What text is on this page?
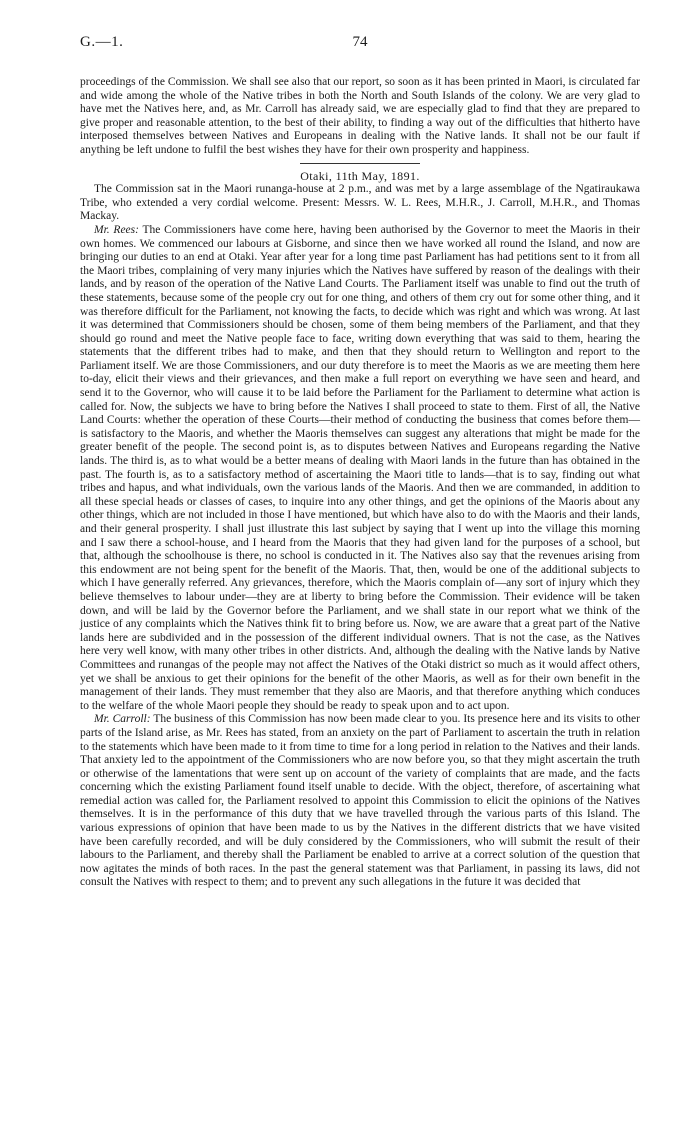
G.—1.	74

proceedings of the Commission. We shall see also that our report, so soon as it has been printed in Maori, is circulated far and wide among the whole of the Native tribes in both the North and South Islands of the colony. We are very glad to have met the Natives here, and, as Mr. Carroll has already said, we are especially glad to find that they are prepared to give proper and reasonable attention, to the best of their ability, to finding a way out of the difficulties that hitherto have interposed themselves between Natives and Europeans in dealing with the Native lands. It shall not be our fault if anything be left undone to fulfil the best wishes they have for their own prosperity and happiness.

Otaki, 11th May, 1891.

The Commission sat in the Maori runanga-house at 2 p.m., and was met by a large assemblage of the Ngatiraukawa Tribe, who extended a very cordial welcome. Present: Messrs. W. L. Rees, M.H.R., J. Carroll, M.H.R., and Thomas Mackay.

Mr. Rees: The Commissioners have come here, having been authorised by the Governor to meet the Maoris in their own homes. We commenced our labours at Gisborne, and since then we have worked all round the Island, and now are bringing our duties to an end at Otaki. Year after year for a long time past Parliament has had petitions sent to it from all the Maori tribes, complaining of very many injuries which the Natives have suffered by reason of the dealings with their lands, and by reason of the operation of the Native Land Courts. The Parliament itself was unable to find out the truth of these statements, because some of the people cry out for one thing, and others of them cry out for some other thing, and it was therefore difficult for the Parliament, not knowing the facts, to decide which was right and which was wrong. At last it was determined that Commissioners should be chosen, some of them being members of the Parliament, and that they should go round and meet the Native people face to face, writing down everything that was said to them, hearing the statements that the different tribes had to make, and then that they should return to Wellington and report to the Parliament itself. We are those Commissioners, and our duty therefore is to meet the Maoris as we are meeting them here to-day, elicit their views and their grievances, and then make a full report on everything we have seen and heard, and send it to the Governor, who will cause it to be laid before the Parliament for the Parliament to determine what action is called for. Now, the subjects we have to bring before the Natives I shall proceed to state to them. First of all, the Native Land Courts: whether the operation of these Courts—their method of conducting the business that comes before them—is satisfactory to the Maoris, and whether the Maoris themselves can suggest any alterations that might be made for the greater benefit of the people. The second point is, as to disputes between Natives and Europeans regarding the Native lands. The third is, as to what would be a better means of dealing with Maori lands in the future than has obtained in the past. The fourth is, as to a satisfactory method of ascertaining the Maori title to lands—that is to say, finding out what tribes and hapus, and what individuals, own the various lands of the Maoris. And then we are commanded, in addition to all these special heads or classes of cases, to inquire into any other things, and get the opinions of the Maoris about any other things, which are not included in those I have mentioned, but which have also to do with the Maoris and their lands, and their general prosperity. I shall just illustrate this last subject by saying that I went up into the village this morning and I saw there a school-house, and I heard from the Maoris that they had given land for the purposes of a school, but that, although the schoolhouse is there, no school is conducted in it. The Natives also say that the revenues arising from this endowment are not being spent for the benefit of the Maoris. That, then, would be one of the additional subjects to which I have generally referred. Any grievances, therefore, which the Maoris complain of—any sort of injury which they believe themselves to labour under—they are at liberty to bring before the Commission. Their evidence will be taken down, and will be laid by the Governor before the Parliament, and we shall state in our report what we think of the justice of any complaints which the Natives think fit to bring before us. Now, we are aware that a great part of the Native lands here are subdivided and in the possession of the different individual owners. That is not the case, as the Natives here very well know, with many other tribes in other districts. And, although the dealing with the Native lands by Native Committees and runangas of the people may not affect the Natives of the Otaki district so much as it would affect others, yet we shall be anxious to get their opinions for the benefit of the other Maoris, as well as for their own benefit in the management of their lands. They must remember that they also are Maoris, and that therefore anything which conduces to the welfare of the whole Maori people they should be ready to speak upon and to act upon.

Mr. Carroll: The business of this Commission has now been made clear to you. Its presence here and its visits to other parts of the Island arise, as Mr. Rees has stated, from an anxiety on the part of Parliament to ascertain the truth in relation to the statements which have been made to it from time to time for a long period in relation to the Natives and their lands. That anxiety led to the appointment of the Commissioners who are now before you, so that they might ascertain the truth or otherwise of the lamentations that were sent up on account of the variety of complaints that are made, and the facts concerning which the existing Parliament found itself unable to decide. With the object, therefore, of ascertaining what remedial action was called for, the Parliament resolved to appoint this Commission to elicit the opinions of the Natives themselves. It is in the performance of this duty that we have travelled through the various parts of this Island. The various expressions of opinion that have been made to us by the Natives in the different districts that we have visited have been carefully recorded, and will be duly considered by the Commissioners, who will submit the result of their labours to the Parliament, and thereby shall the Parliament be enabled to arrive at a correct solution of the question that now agitates the minds of both races. In the past the general statement was that Parliament, in passing its laws, did not consult the Natives with respect to them; and to prevent any such allegations in the future it was decided that
